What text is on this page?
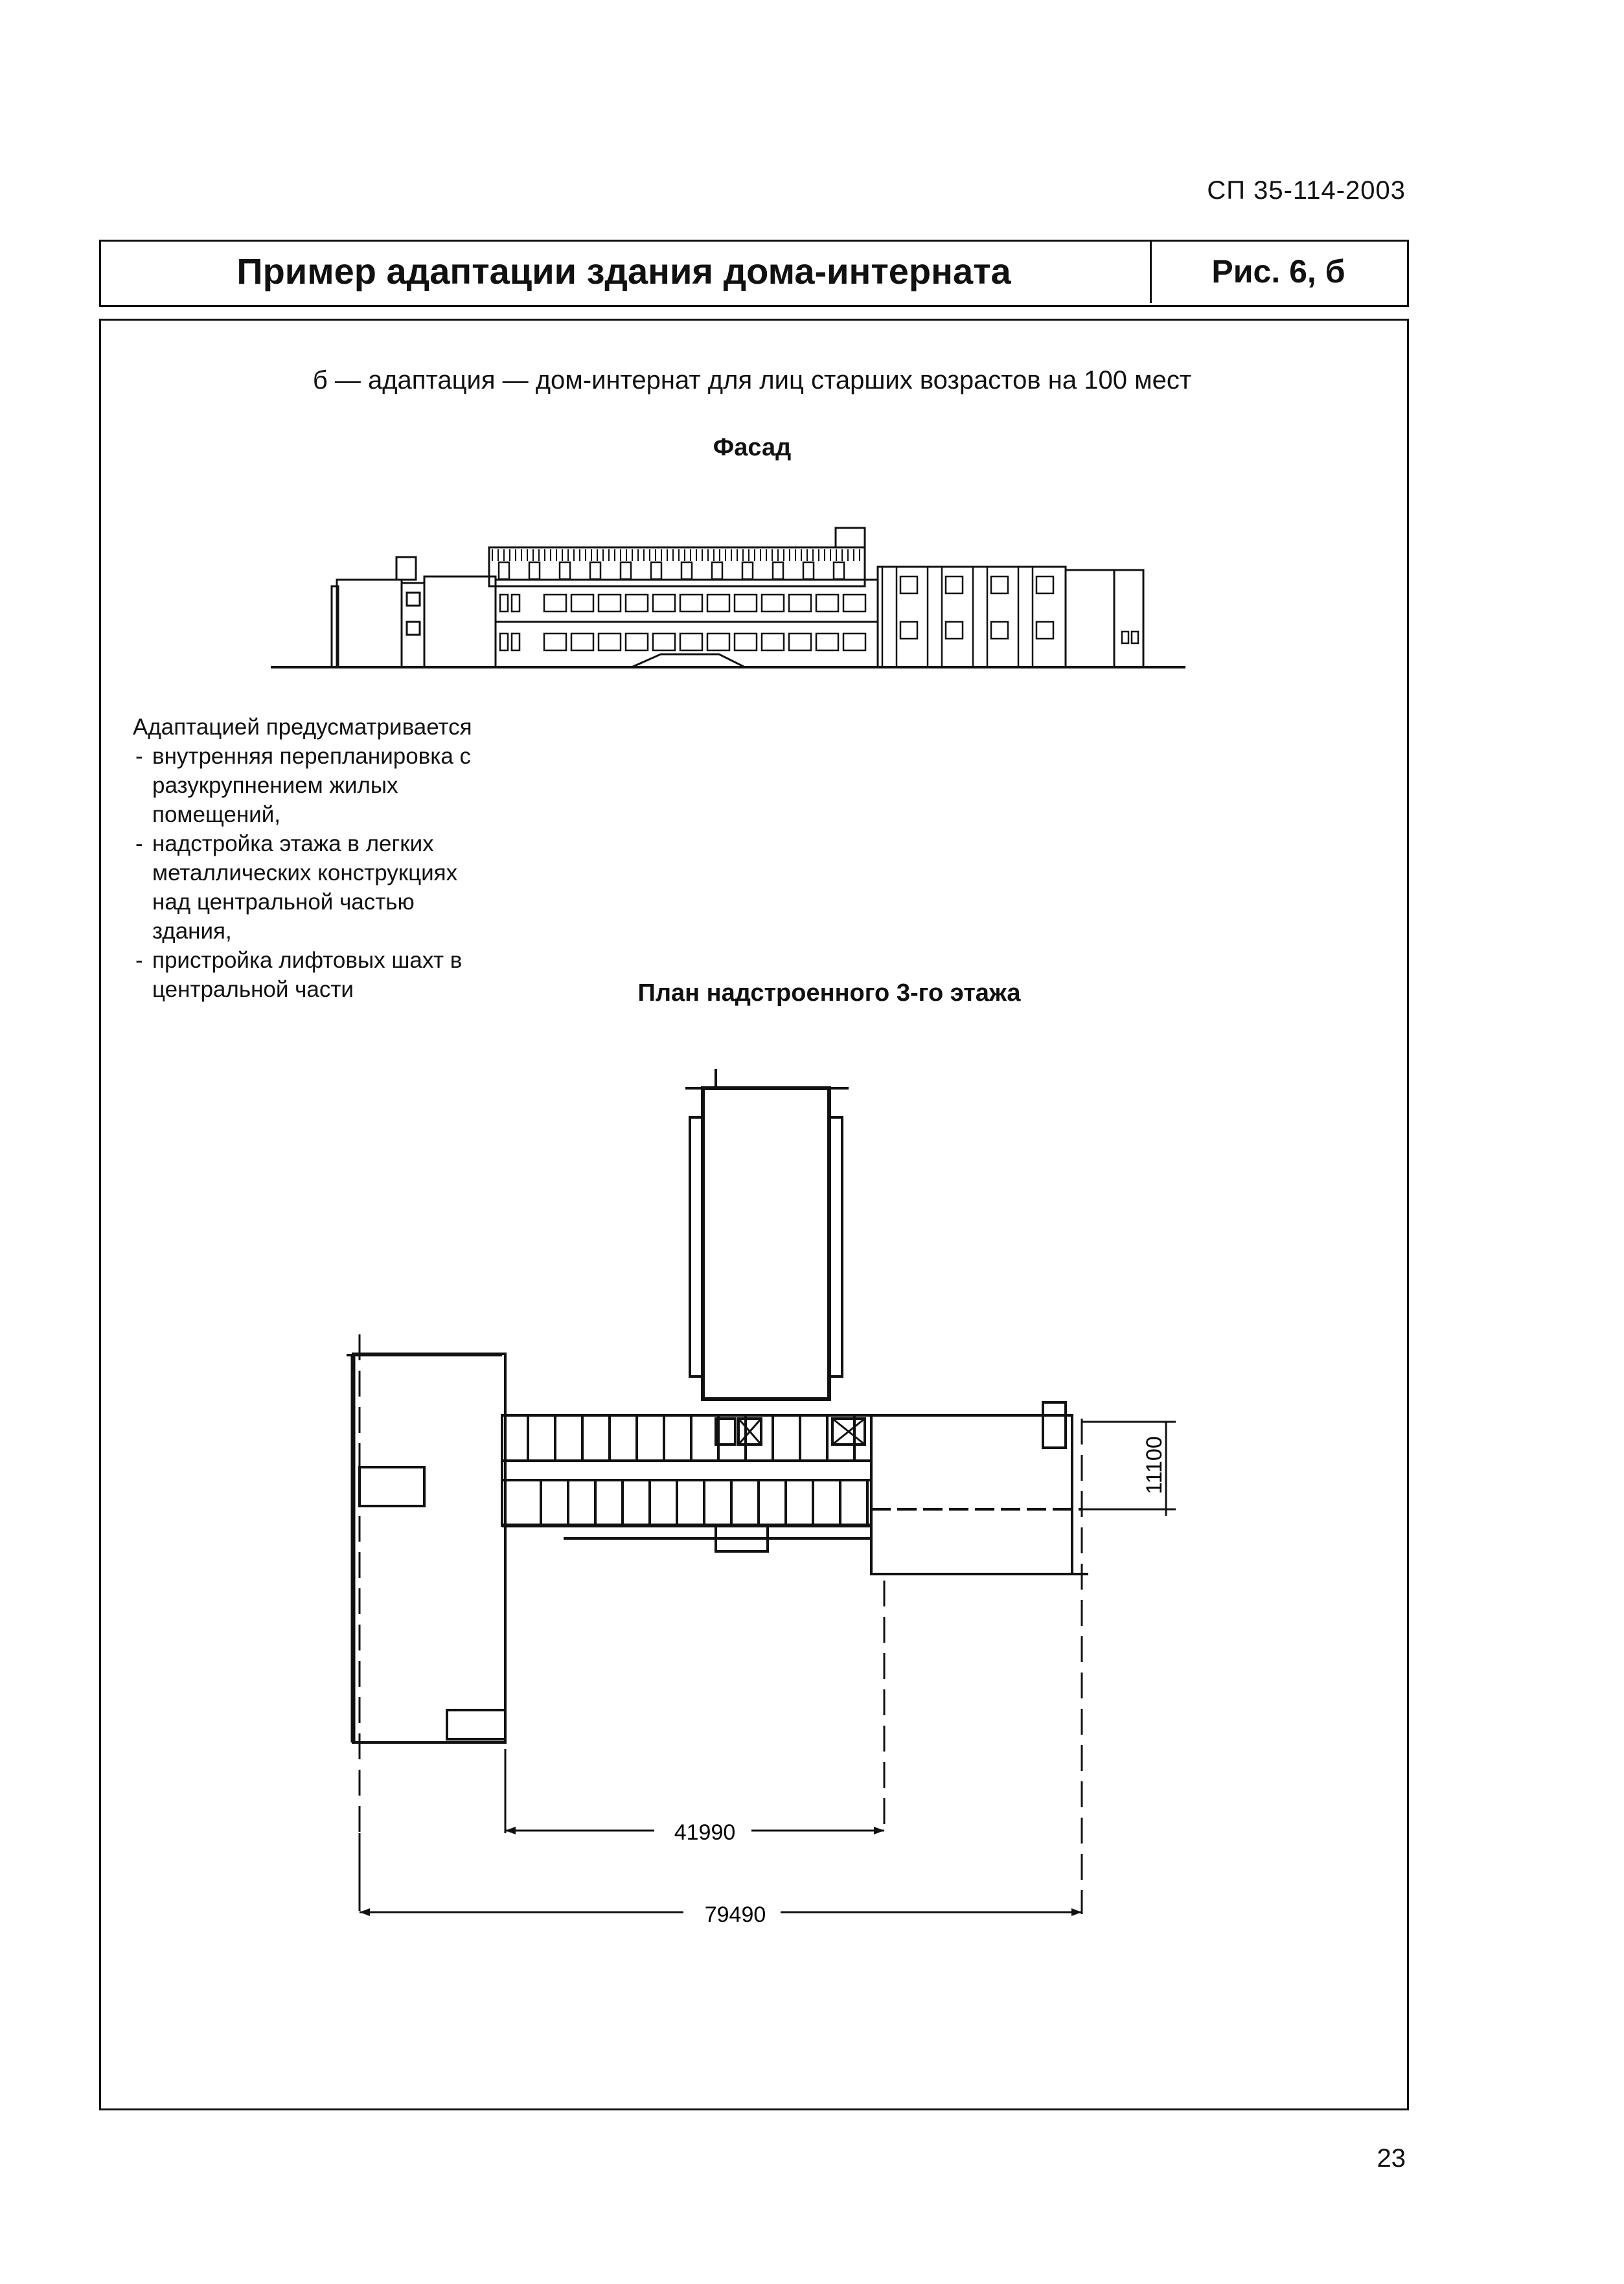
СП 35-114-2003
Пример адаптации здания дома-интерната	Рис. 6, б
б — адаптация — дом-интернат для лиц старших возрастов на 100 мест
Фасад
Адаптацией предусматривается
- внутренняя перепланировка с разукрупнением жилых помещений,
- надстройка этажа в легких металлических конструкциях над центральной частью здания,
- пристройка лифтовых шахт в центральной части	План надстроенного 3-го этажа
41990
79490
11100
23
